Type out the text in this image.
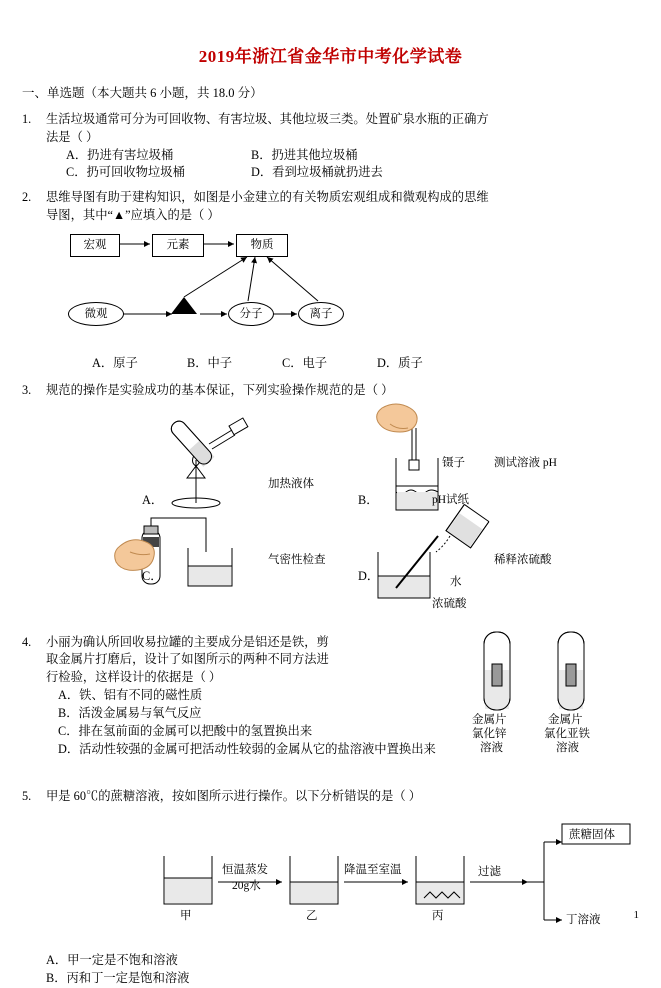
2019年浙江省金华市中考化学试卷
一、单选题（本大题共 6 小题，共 18.0 分）
1.	生活垃圾通常可分为可回收物、有害垃圾、其他垃圾三类。处置矿泉水瓶的正确方
法是（ ）
A．扔进有害垃圾桶	B．扔进其他垃圾桶
C．扔可回收物垃圾桶	D．看到垃圾桶就扔进去
2.	思维导图有助于建构知识，如图是小金建立的有关物质宏观组成和微观构成的思维
导图，其中“▲”应填入的是（ ）
宏观	元素	物质
微观	分子	离子
A．原子	B．中子	C．电子	D．质子
3.	规范的操作是实验成功的基本保证，下列实验操作规范的是（ ）
A．
加热液体
B．
镊子
pH试纸
测试溶液 pH
C．
气密性检查
D．	水
浓硫酸
稀释浓硫酸
4.	小丽为确认所回收易拉罐的主要成分是铝还是铁，剪
取金属片打磨后，设计了如图所示的两种不同方法进
行检验，这样设计的依据是（ ）
A．铁、铝有不同的磁性质
B．活泼金属易与氧气反应
C．排在氢前面的金属可以把酸中的氢置换出来
D．活动性较强的金属可把活动性较弱的金属从它的盐溶液中置换出来
金属片
氯化锌
溶液
金属片
氯化亚铁
溶液
5.	甲是 60℃的蔗糖溶液，按如图所示进行操作。以下分析错误的是（ ）
恒温蒸发
20g水
降温至室温	过滤
甲	乙	丙
蔗糖固体
丁溶液
A．甲一定是不饱和溶液
B．丙和丁一定是饱和溶液
1
